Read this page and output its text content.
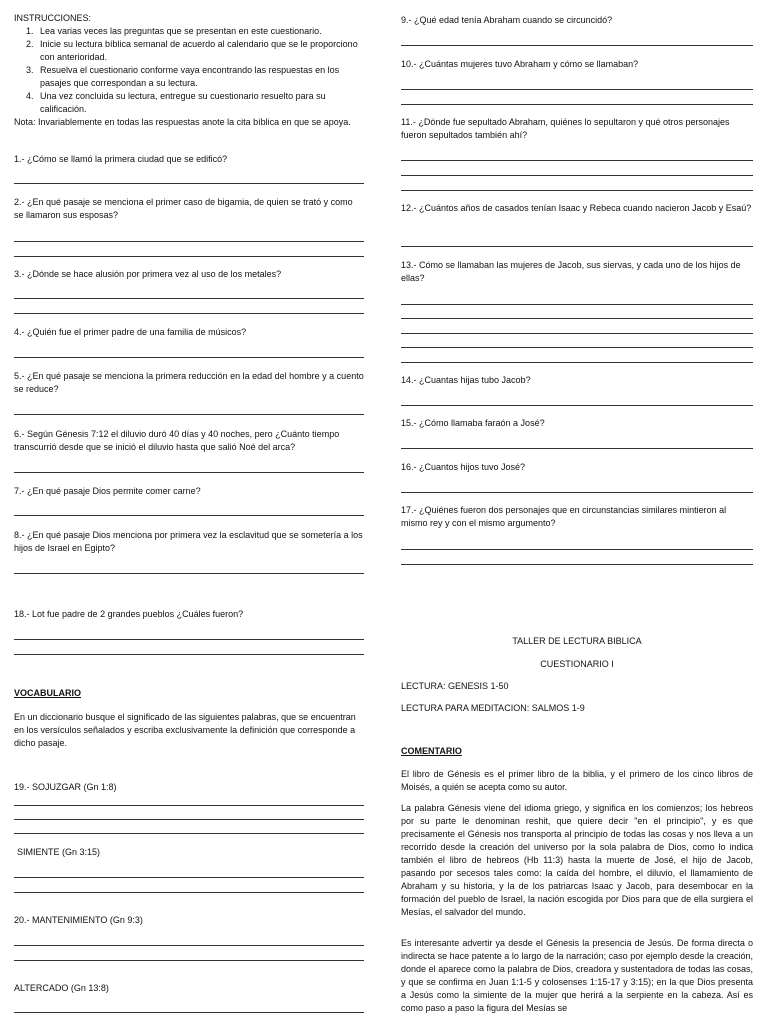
INSTRUCCIONES:
1. Lea varias veces las preguntas que se presentan en este cuestionario.
2. Inicie su lectura bíblica semanal de acuerdo al calendario que se le proporciono con anterioridad.
3. Resuelva el cuestionario conforme vaya encontrando las respuestas en los pasajes que correspondan a su lectura.
4. Una vez concluida su lectura, entregue su cuestionario resuelto para su calificación.
Nota: Invariablemente en todas las respuestas anote la cita bíblica en que se apoya.
1.- ¿Cómo se llamó la primera ciudad que se edificó?
2.- ¿En qué pasaje se menciona el primer caso de bigamia, de quien se trató y como se llamaron sus esposas?
3.- ¿Dónde se hace alusión por primera vez al uso de los metales?
4.- ¿Quién fue el primer padre de una familia de músicos?
5.- ¿En qué pasaje se menciona la primera reducción en la edad del hombre y a cuento se reduce?
6.- Según Génesis 7:12 el diluvio duró 40 días y 40 noches, pero ¿Cuánto tiempo transcurrió desde que se inició el diluvio hasta que salió Noé del arca?
7.- ¿En qué pasaje Dios permite comer carne?
8.- ¿En qué pasaje Dios menciona por primera vez la esclavitud que se sometería a los hijos de Israel en Egipto?
18.- Lot fue padre de 2 grandes pueblos ¿Cuáles fueron?
VOCABULARIO
En un diccionario busque el significado de las siguientes palabras, que se encuentran en los versículos señalados y escriba exclusivamente la definición que corresponde a dicho pasaje.
19.- SOJUZGAR (Gn 1:8)
SIMIENTE (Gn 3:15)
20.- MANTENIMIENTO (Gn 9:3)
ALTERCADO (Gn 13:8)
9.- ¿Qué edad tenía Abraham cuando se circuncidó?
10.- ¿Cuántas mujeres tuvo Abraham y cómo se llamaban?
11.- ¿Dónde fue sepultado Abraham, quiénes lo sepultaron y qué otros personajes fueron sepultados también ahí?
12.- ¿Cuántos años de casados tenían Isaac y Rebeca cuando nacieron Jacob y Esaú?
13.- Cómo se llamaban las mujeres de Jacob, sus siervas, y cada uno de los hijos de ellas?
14.- ¿Cuantas hijas tubo Jacob?
15.- ¿Cómo llamaba faraón a José?
16.- ¿Cuantos hijos tuvo José?
17.- ¿Quiénes fueron dos personajes que en circunstancias similares mintieron al mismo rey y con el mismo argumento?
TALLER DE LECTURA BIBLICA
CUESTIONARIO I
LECTURA: GENESIS 1-50
LECTURA PARA MEDITACION: SALMOS 1-9
COMENTARIO

El libro de Génesis es el primer libro de la biblia, y el primero de los cinco libros de Moisés, a quién se acepta como su autor.

La palabra Génesis viene del idioma griego, y significa en los comienzos; los hebreos por su parte le denominan reshit, que quiere decir "en el principio", y es que precisamente el Génesis nos transporta al principio de todas las cosas y nos lleva a un recorrido desde la creación del universo por la sola palabra de Dios, como lo indica también el libro de hebreos (Hb 11:3) hasta la muerte de José, el hijo de Jacob, pasando por secesos tales como: la caída del hombre, el diluvio, el llamamiento de Abraham y su historia, y la de los patriarcas Isaac y Jacob, para desembocar en la formación del pueblo de Israel, la nación escogida por Dios para que de ella surgiera el Mesías, el salvador del mundo.

Es interesante advertir ya desde el Génesis la presencia de Jesús. De forma directa o indirecta se hace patente a lo largo de la narración; caso por ejemplo desde la creación, donde el aparece como la palabra de Dios, creadora y sustentadora de todas las cosas, y que se confirma en Juan 1:1-5 y colosenses 1:15-17 y 3:15); en la que Dios presenta a Jesús como la simiente de la mujer que herirá a la serpiente en la cabeza. Así es como paso a paso la figura del Mesías se
